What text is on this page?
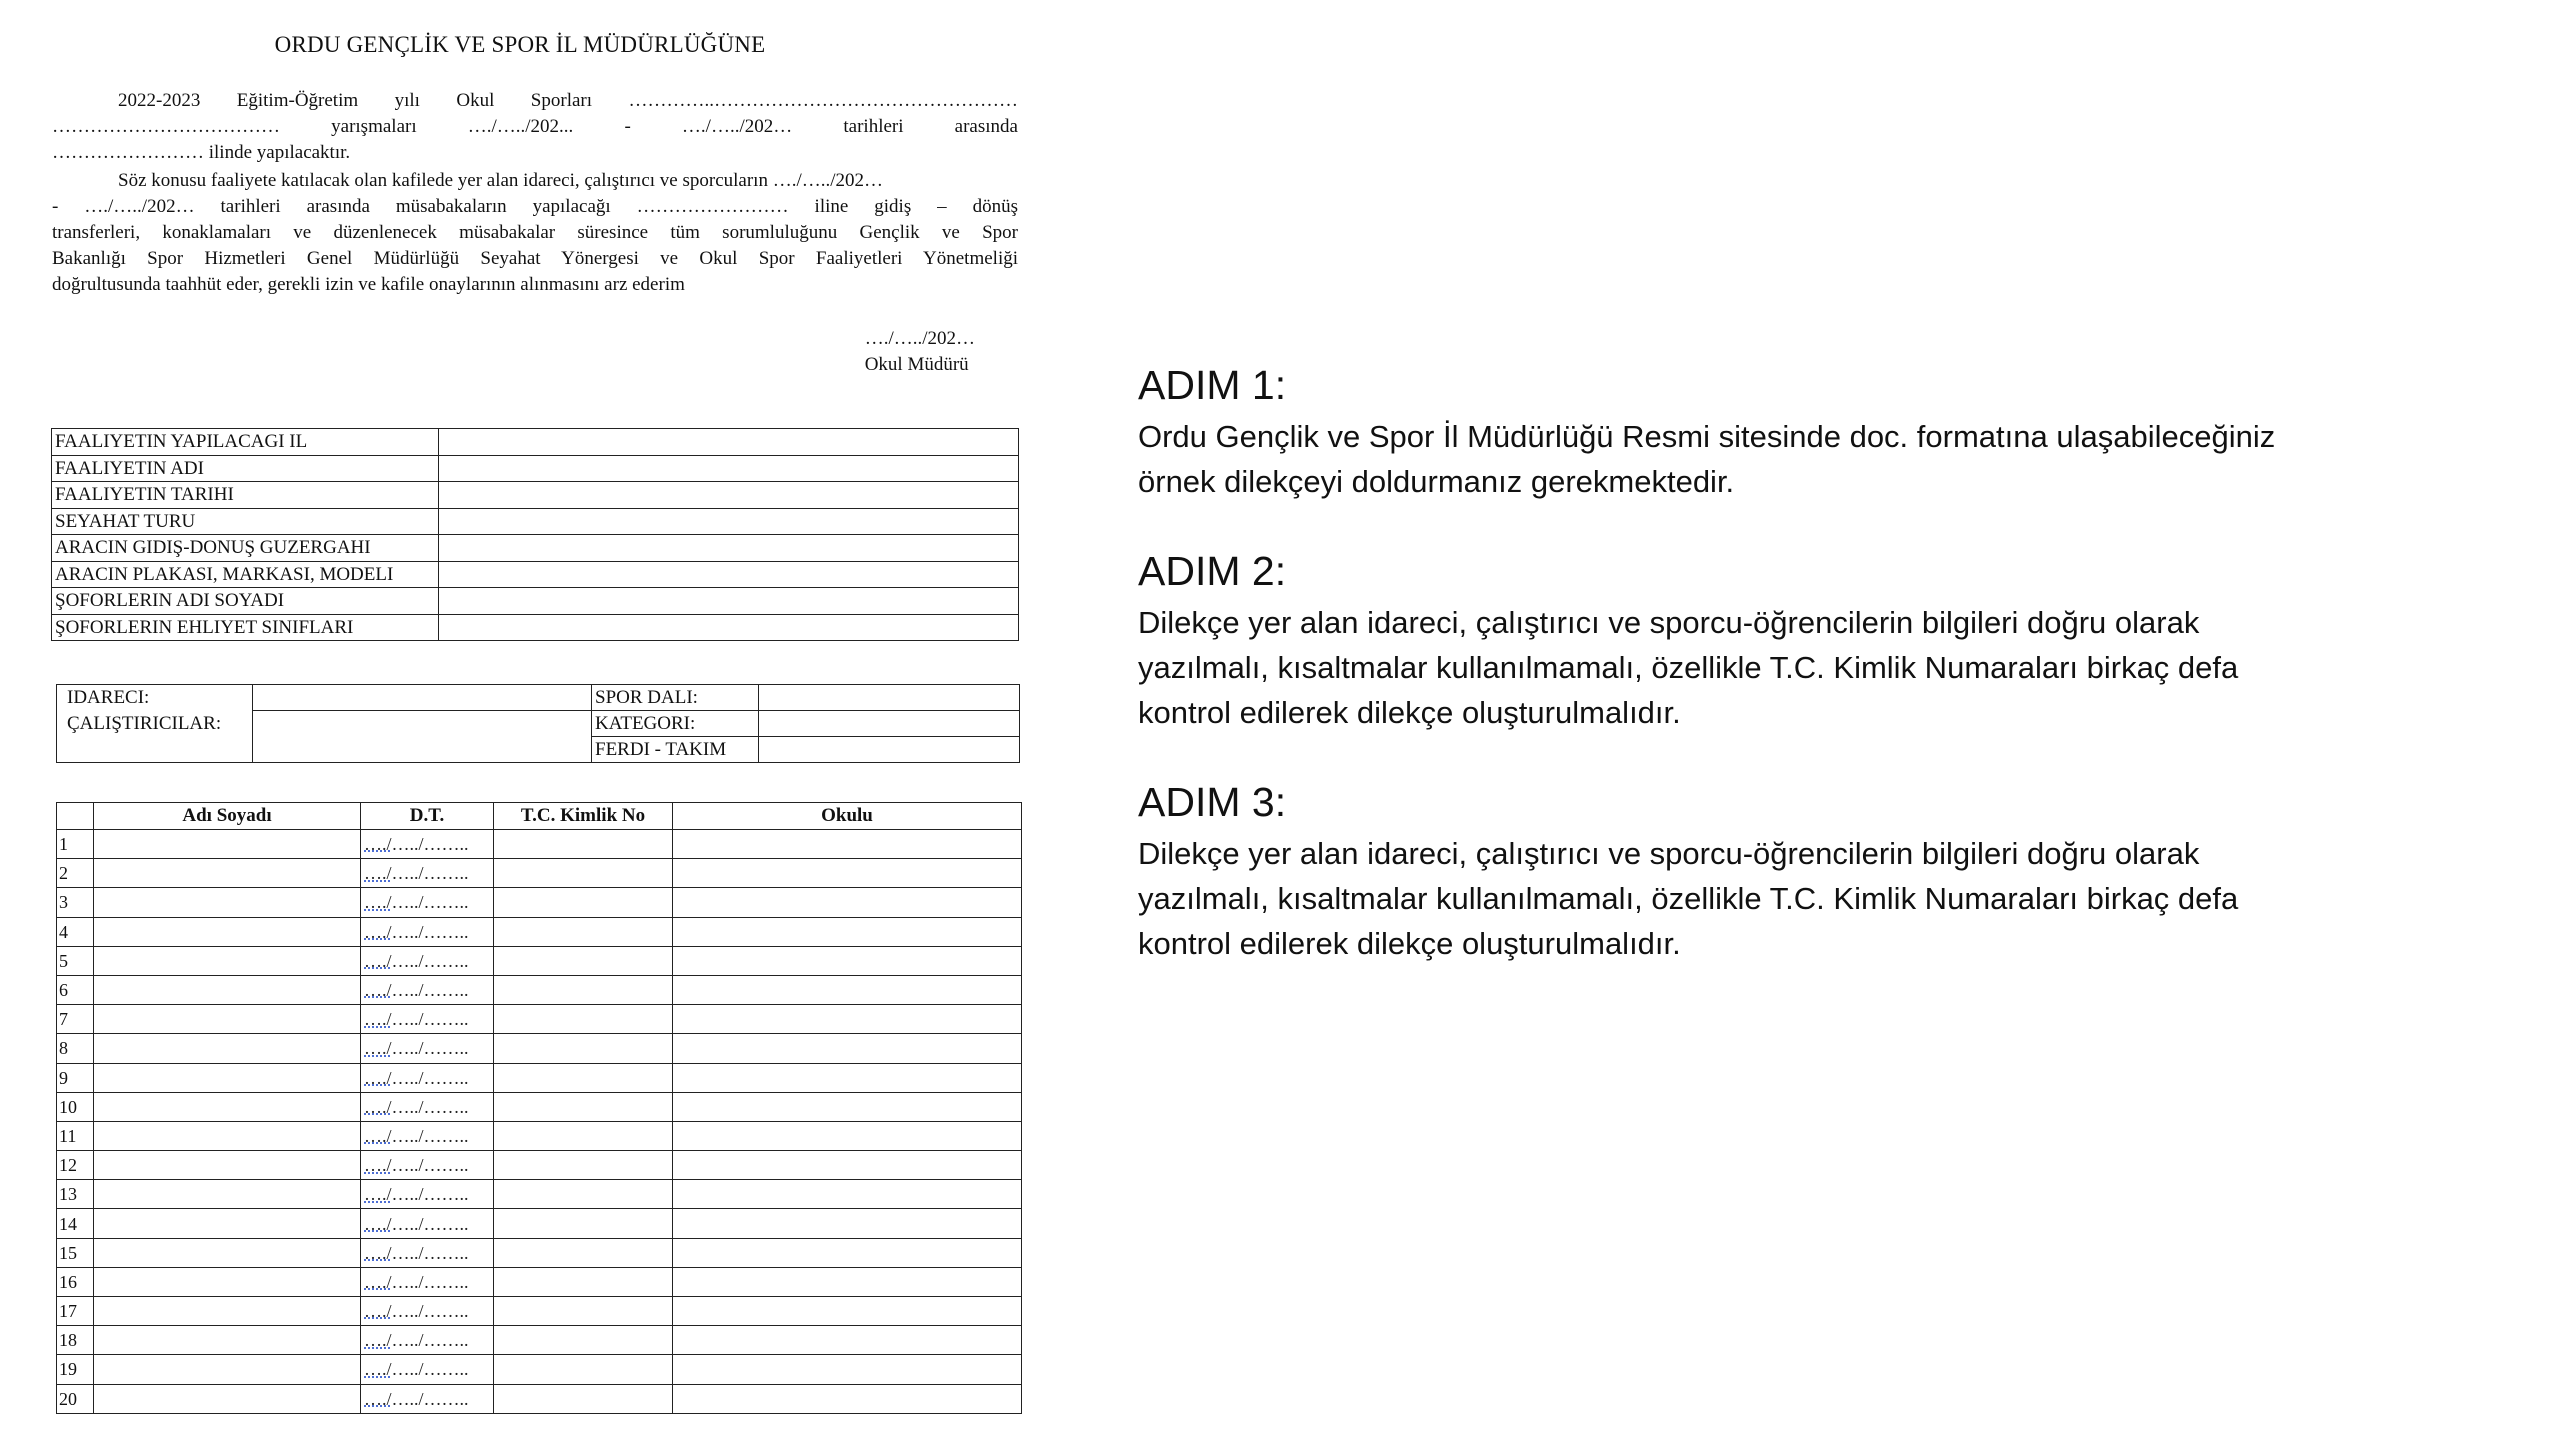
ORDU GENÇLİK VE SPOR İL MÜDÜRLÜĞÜNE
2022-2023 Eğitim-Öğretim yılı Okul Sporları …………..…………………………………………
………………………………	yarışmaları	…./…../202...	-	…./…../202…	tarihleri	arasında
…………………… ilinde yapılacaktır.
Söz konusu faaliyete katılacak olan kafilede yer alan idareci, çalıştırıcı ve sporcuların …./…../202…
- …./…../202… tarihleri arasında müsabakaların yapılacağı …………………… iline gidiş – dönüş
transferleri, konaklamaları ve düzenlenecek müsabakalar süresince tüm sorumluluğunu Gençlik ve Spor
Bakanlığı Spor Hizmetleri Genel Müdürlüğü Seyahat Yönergesi ve Okul Spor Faaliyetleri Yönetmeliği
doğrultusunda taahhüt eder, gerekli izin ve kafile onaylarının alınmasını arz ederim
…./…../202…
Okul Müdürü
FAALIYETIN YAPILACAGI IL	
FAALIYETIN ADI	
FAALIYETIN TARIHI	
SEYAHAT TURU	
ARACIN GIDIŞ-DONUŞ GUZERGAHI	
ARACIN PLAKASI, MARKASI, MODELI	
ŞOFORLERIN ADI SOYADI	
ŞOFORLERIN EHLIYET SINIFLARI	
IDARECI:		SPOR DALI:	
ÇALIŞTIRICILAR:		KATEGORI:	
		FERDI - TAKIM	
	Adı Soyadı	D.T.	T.C. Kimlik No	Okulu
1		…./…../……..		
2		…./…../……..		
3		…./…../……..		
4		…./…../……..		
5		…./…../……..		
6		…./…../……..		
7		…./…../……..		
8		…./…../……..		
9		…./…../……..		
10		…./…../……..		
11		…./…../……..		
12		…./…../……..		
13		…./…../……..		
14		…./…../……..		
15		…./…../……..		
16		…./…../……..		
17		…./…../……..		
18		…./…../……..		
19		…./…../……..		
20		…./…../……..		
ADIM 1:
Ordu Gençlik ve Spor İl Müdürlüğü Resmi sitesinde doc. formatına ulaşabileceğiniz
örnek dilekçeyi doldurmanız gerekmektedir.
ADIM 2:
Dilekçe yer alan idareci, çalıştırıcı ve sporcu-öğrencilerin bilgileri doğru olarak
yazılmalı, kısaltmalar kullanılmamalı, özellikle T.C. Kimlik Numaraları birkaç defa
kontrol edilerek dilekçe oluşturulmalıdır.
ADIM 3:
Dilekçe yer alan idareci, çalıştırıcı ve sporcu-öğrencilerin bilgileri doğru olarak
yazılmalı, kısaltmalar kullanılmamalı, özellikle T.C. Kimlik Numaraları birkaç defa
kontrol edilerek dilekçe oluşturulmalıdır.
